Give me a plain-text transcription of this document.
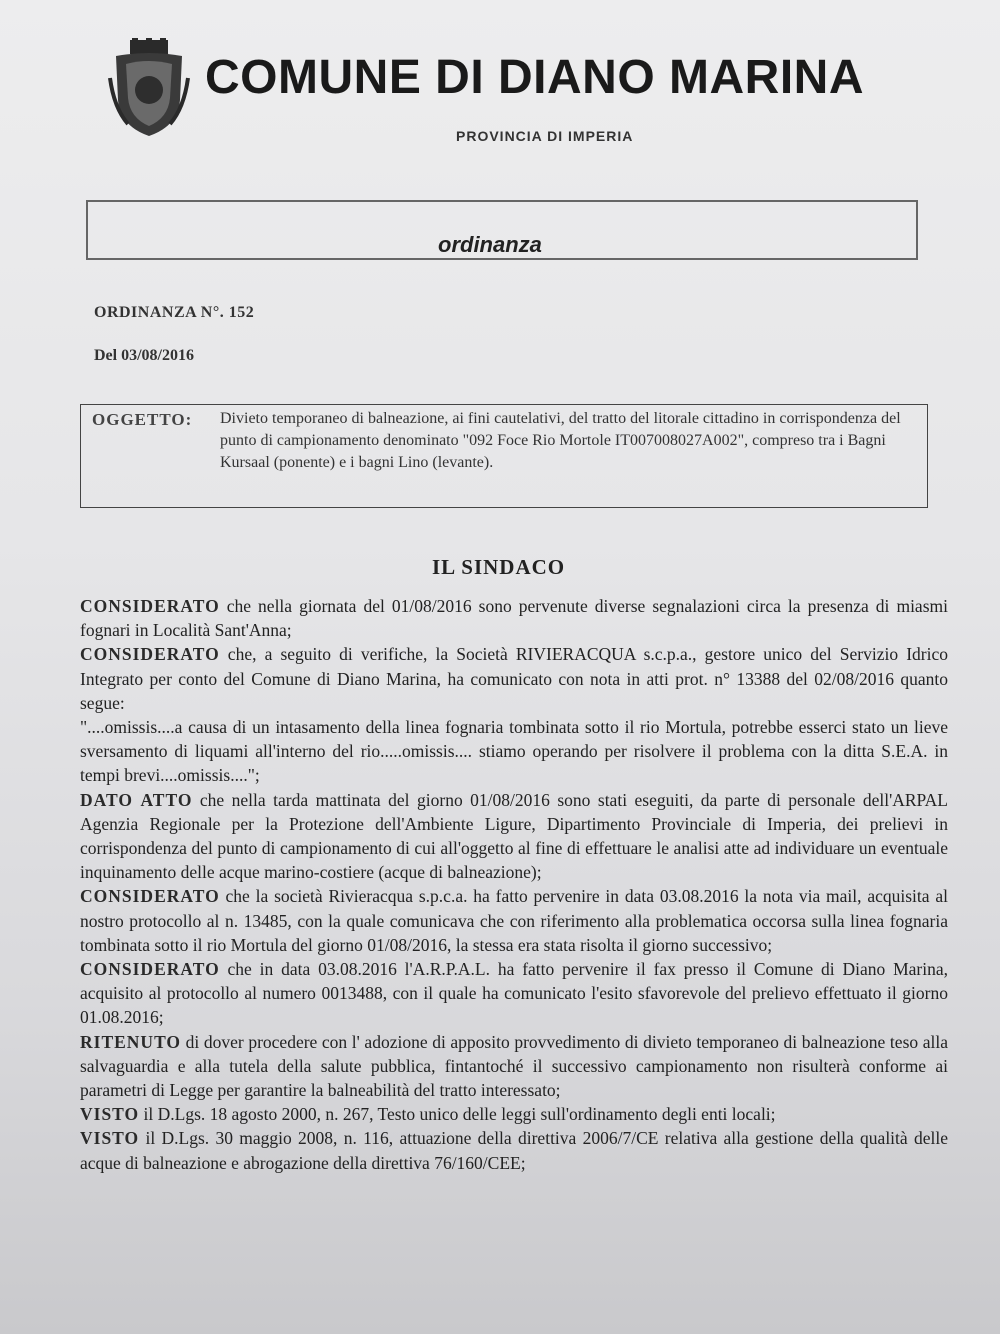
COMUNE DI DIANO MARINA
PROVINCIA DI IMPERIA
ordinanza
ORDINANZA N°. 152
Del 03/08/2016
OGGETTO: Divieto temporaneo di balneazione, ai fini cautelativi, del tratto del litorale cittadino in corrispondenza del punto di campionamento denominato "092 Foce Rio Mortole IT007008027A002", compreso tra i Bagni Kursaal (ponente) e i bagni Lino (levante).

IL SINDACO

CONSIDERATO che nella giornata del 01/08/2016 sono pervenute diverse segnalazioni circa la presenza di miasmi fognari in Località Sant'Anna;

CONSIDERATO che, a seguito di verifiche, la Società RIVIERACQUA s.c.p.a., gestore unico del Servizio Idrico Integrato per conto del Comune di Diano Marina, ha comunicato con nota in atti prot. n° 13388 del 02/08/2016 quanto segue:

"....omissis....a causa di un intasamento della linea fognaria tombinata sotto il rio Mortula, potrebbe esserci stato un lieve sversamento di liquami all'interno del rio.....omissis.... stiamo operando per risolvere il problema con la ditta S.E.A. in tempi brevi....omissis....";

DATO ATTO che nella tarda mattinata del giorno 01/08/2016 sono stati eseguiti, da parte di personale dell'ARPAL Agenzia Regionale per la Protezione dell'Ambiente Ligure, Dipartimento Provinciale di Imperia, dei prelievi in corrispondenza del punto di campionamento di cui all'oggetto al fine di effettuare le analisi atte ad individuare un eventuale inquinamento delle acque marino-costiere (acque di balneazione);

CONSIDERATO che la società Rivieracqua s.p.c.a. ha fatto pervenire in data 03.08.2016 la nota via mail, acquisita al nostro protocollo al n. 13485, con la quale comunicava che con riferimento alla problematica occorsa sulla linea fognaria tombinata sotto il rio Mortula del giorno 01/08/2016, la stessa era stata risolta il giorno successivo;

CONSIDERATO che in data 03.08.2016 l'A.R.P.A.L. ha fatto pervenire il fax presso il Comune di Diano Marina, acquisito al protocollo al numero 0013488, con il quale ha comunicato l'esito sfavorevole del prelievo effettuato il giorno 01.08.2016;

RITENUTO di dover procedere con l' adozione di apposito provvedimento di divieto temporaneo di balneazione teso alla salvaguardia e alla tutela della salute pubblica, fintantoché il successivo campionamento non risulterà conforme ai parametri di Legge per garantire la balneabilità del tratto interessato;

VISTO il D.Lgs. 18 agosto 2000, n. 267, Testo unico delle leggi sull'ordinamento degli enti locali;

VISTO il D.Lgs. 30 maggio 2008, n. 116, attuazione della direttiva 2006/7/CE relativa alla gestione della qualità delle acque di balneazione e abrogazione della direttiva 76/160/CEE;
